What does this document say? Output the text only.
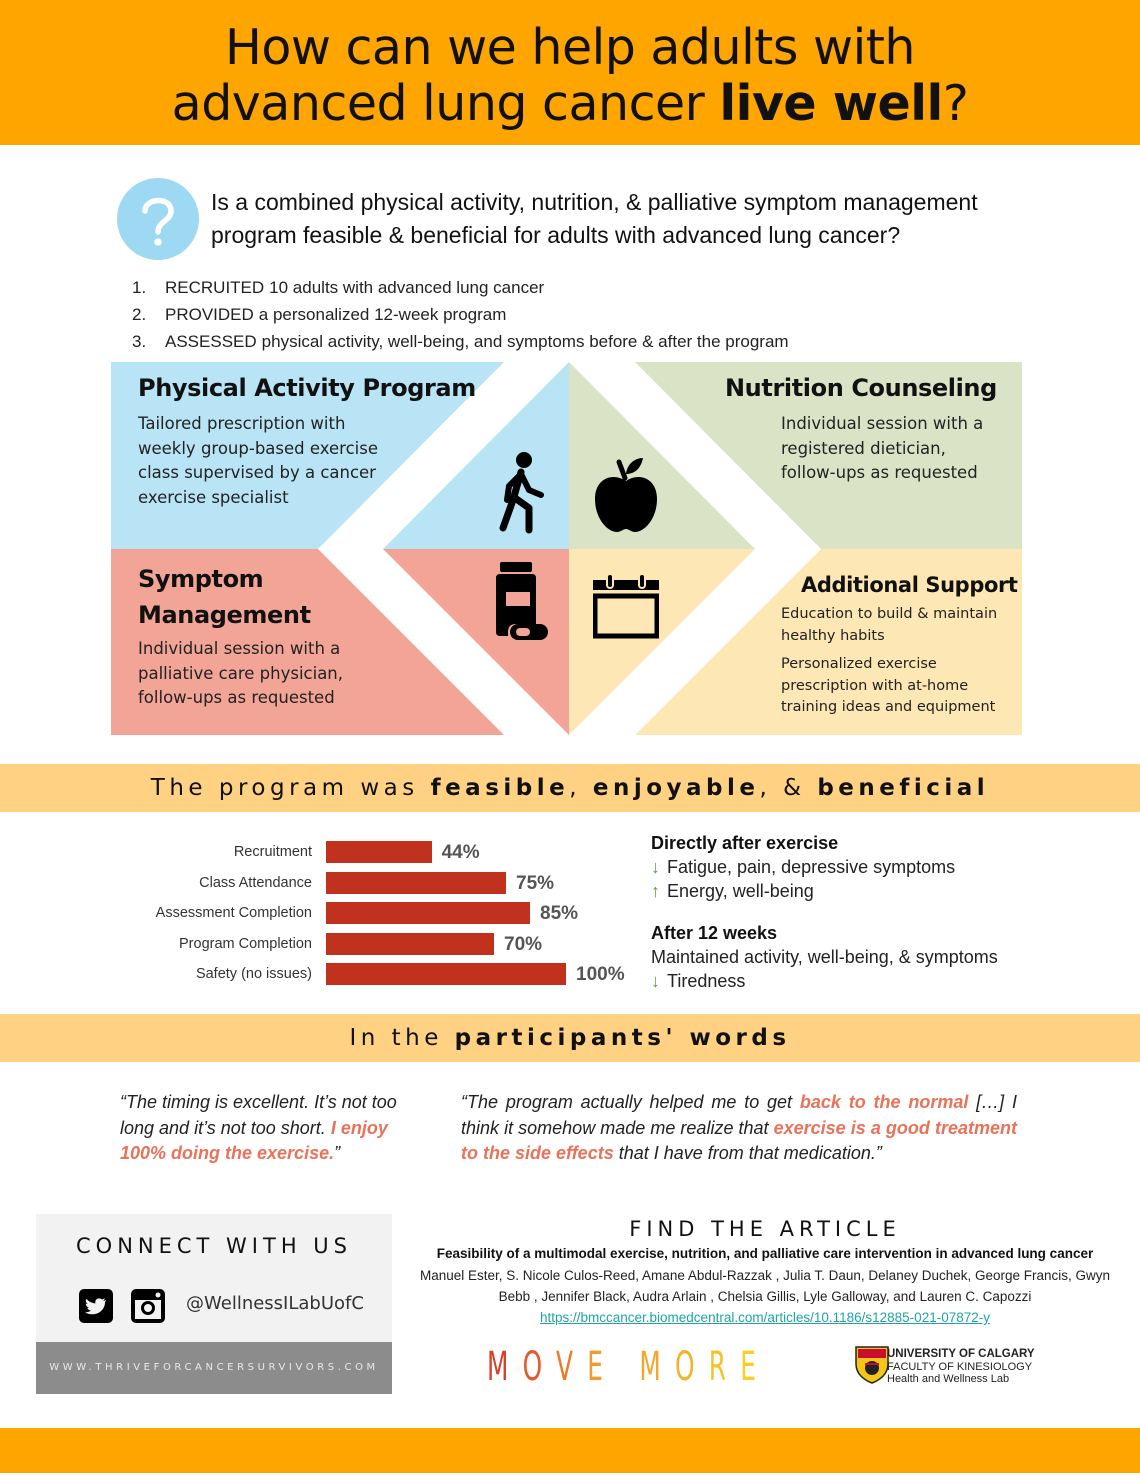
How can we help adults with
advanced lung cancer live well?
Is a combined physical activity, nutrition, & palliative symptom management program feasible & beneficial for adults with advanced lung cancer?
1.	RECRUITED 10 adults with advanced lung cancer
2.	PROVIDED a personalized 12-week program
3.	ASSESSED physical activity, well-being, and symptoms before & after the program
Physical Activity Program
Tailored prescription with
weekly group-based exercise
class supervised by a cancer
exercise specialist
Nutrition Counseling
Individual session with a
registered dietician,
follow-ups as requested
Symptom
Management
Individual session with a
palliative care physician,
follow-ups as requested
Additional Support
Education to build & maintain
healthy habits
Personalized exercise
prescription with at-home
training ideas and equipment
The program was feasible, enjoyable, & beneficial
Recruitment	44%
Class Attendance	75%
Assessment Completion	85%
Program Completion	70%
Safety (no issues)	100%
Directly after exercise
↓ Fatigue, pain, depressive symptoms
↑ Energy, well-being
After 12 weeks
Maintained activity, well-being, & symptoms
↓ Tiredness
In the participants' words
“The timing is excellent. It’s not too long and it’s not too short. I enjoy 100% doing the exercise.”
“The program actually helped me to get back to the normal […] I think it somehow made me realize that exercise is a good treatment to the side effects that I have from that medication.”
CONNECT WITH US
@WellnessILabUofC
WWW.THRIVEFORCANCERSURVIVORS.COM
FIND THE ARTICLE
Feasibility of a multimodal exercise, nutrition, and palliative care intervention in advanced lung cancer
Manuel Ester, S. Nicole Culos-Reed, Amane Abdul-Razzak , Julia T. Daun, Delaney Duchek, George Francis, Gwyn
Bebb , Jennifer Black, Audra Arlain , Chelsia Gillis, Lyle Galloway, and Lauren C. Capozzi
https://bmccancer.biomedcentral.com/articles/10.1186/s12885-021-07872-y
MOVE MORE	UNIVERSITY OF CALGARY
FACULTY OF KINESIOLOGY
Health and Wellness Lab
